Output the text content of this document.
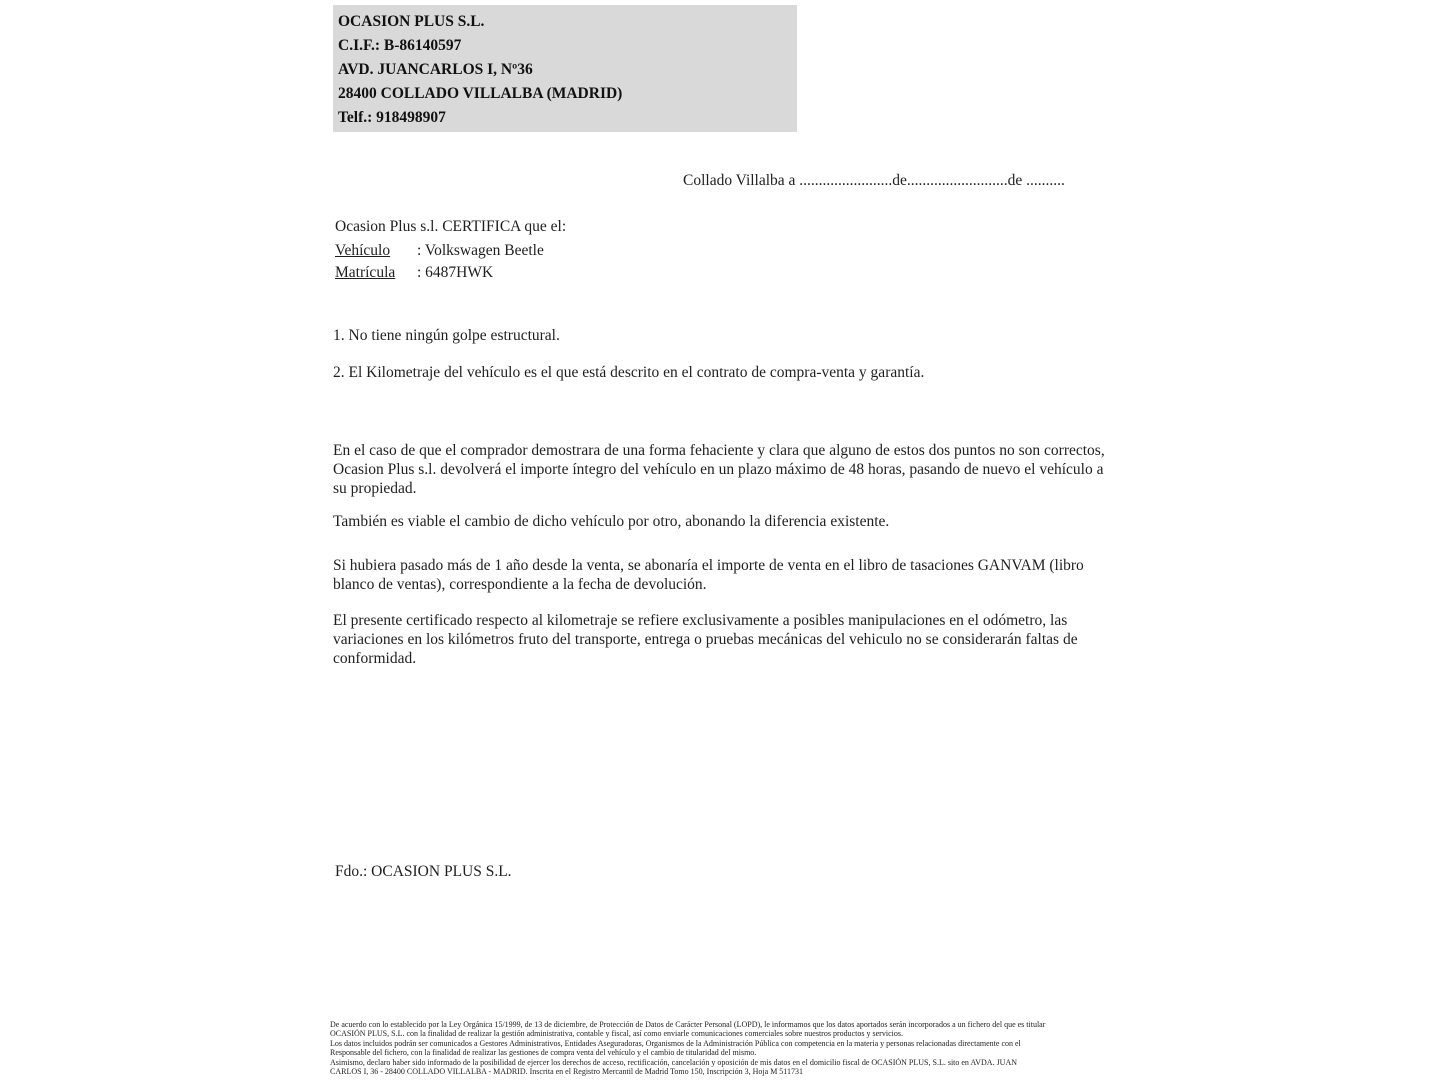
OCASION PLUS S.L.
C.I.F.: B-86140597
AVD. JUANCARLOS I, Nº36
28400 COLLADO VILLALBA (MADRID)
Telf.: 918498907
Collado Villalba a ........................de..........................de ..........
Ocasion Plus s.l. CERTIFICA que el:
Vehículo : Volkswagen Beetle
Matrícula : 6487HWK
1. No tiene ningún golpe estructural.
2. El Kilometraje del vehículo es el que está descrito en el contrato de compra-venta y garantía.
En el caso de que el comprador demostrara de una forma fehaciente y clara que alguno de estos dos puntos no son correctos, Ocasion Plus s.l. devolverá el importe íntegro del vehículo en un plazo máximo de 48 horas, pasando de nuevo el vehículo a su propiedad.
También es viable el cambio de dicho vehículo por otro, abonando la diferencia existente.
Si hubiera pasado más de 1 año desde la venta, se abonaría el importe de venta en el libro de tasaciones GANVAM (libro blanco de ventas), correspondiente a la fecha de devolución.
El presente certificado respecto al kilometraje se refiere exclusivamente a posibles manipulaciones en el odómetro, las variaciones en los kilómetros fruto del transporte, entrega o pruebas mecánicas del vehiculo no se considerarán faltas de conformidad.
Fdo.: OCASION PLUS S.L.
De acuerdo con lo establecido por la Ley Orgánica 15/1999, de 13 de diciembre, de Protección de Datos de Carácter Personal (LOPD), le informamos que los datos aportados serán incorporados a un fichero del que es titular
OCASIÓN PLUS, S.L. con la finalidad de realizar la gestión administrativa, contable y fiscal, así como enviarle comunicaciones comerciales sobre nuestros productos y servicios.
Los datos incluidos podrán ser comunicados a Gestores Administrativos, Entidades Aseguradoras, Organismos de la Administración Pública con competencia en la materia y personas relacionadas directamente con el
Responsable del fichero, con la finalidad de realizar las gestiones de compra venta del vehículo y el cambio de titularidad del mismo.
Asimismo, declaro haber sido informado de la posibilidad de ejercer los derechos de acceso, rectificación, cancelación y oposición de mis datos en el domicilio fiscal de OCASIÓN PLUS, S.L. sito en AVDA. JUAN
CARLOS I, 36 - 28400 COLLADO VILLALBA - MADRID. Inscrita en el Registro Mercantil de Madrid Tomo 150, Inscripción 3, Hoja M 511731
